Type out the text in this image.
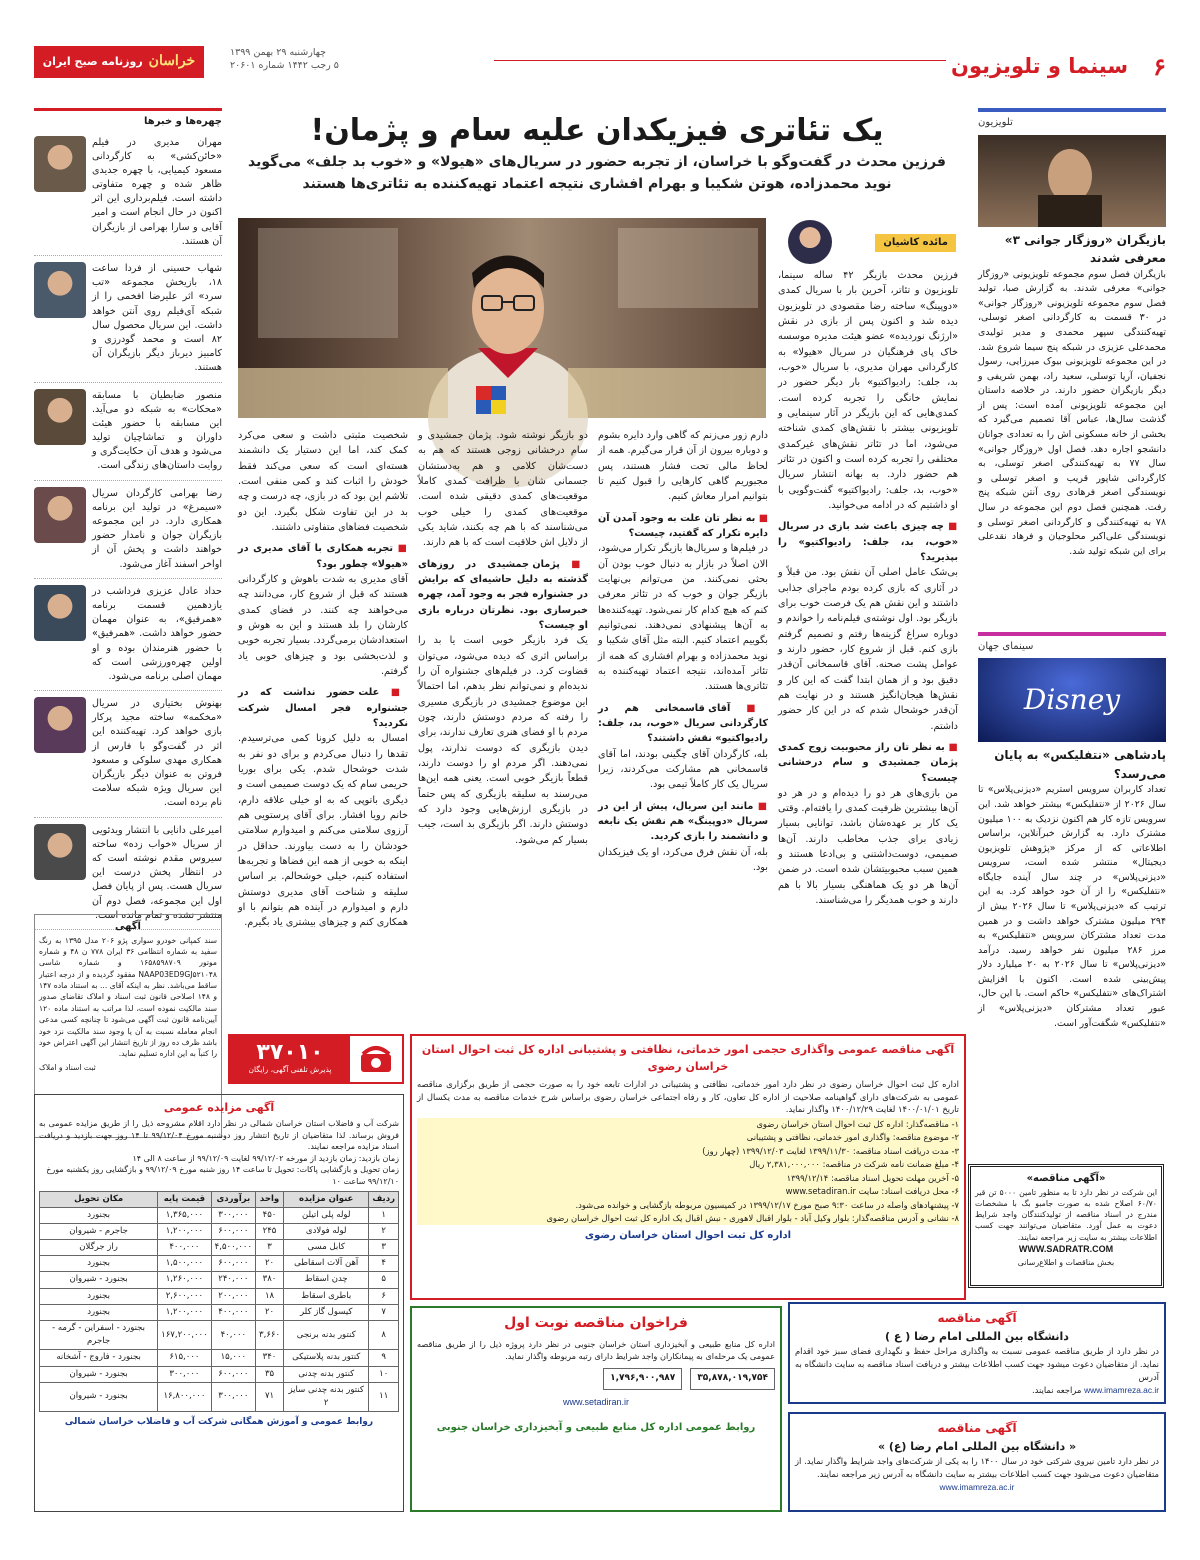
۶
سینما و تلویزیون
چهارشنبه ۲۹ بهمن ۱۳۹۹
۵ رجب ۱۴۴۲ شماره ۲۰۶۰۱
خراسان
روزنامه صبح ایران
چهره‌ها و خبرها
مهران مدیری در فیلم «خائن‌کشی» به کارگردانی مسعود کیمیایی، با چهره جدیدی ظاهر شده و چهره متفاوتی داشته است. فیلم‌برداری این اثر اکنون در حال انجام است و امیر آقایی و سارا بهرامی از بازیگران آن هستند.
شهاب حسینی از فردا ساعت ۱۸، بازیخش مجموعه «تب سرد» اثر علیرضا افخمی را از شبکه آی‌فیلم روی آنتن خواهد داشت. این سریال محصول سال ۸۲ است و محمد گودرزی و کامبیز دیرباز دیگر بازیگران آن هستند.
منصور ضابطیان با مسابقه «محکات» به شبکه دو می‌آید. این مسابقه با حضور هیئت داوران و تماشاچیان تولید می‌شود و هدف آن حکایت‌گری و روایت داستان‌های زندگی است.
رضا بهرامی کارگردان سریال «سیمرغ» در تولید این برنامه همکاری دارد. در این مجموعه بازیگران جوان و نامدار حضور خواهند داشت و پخش آن از اواخر اسفند آغاز می‌شود.
حداد عادل عزیزی فرداشب در یازدهمین قسمت برنامه «همرفیق»، به عنوان مهمان حضور خواهد داشت. «همرفیق» با حضور هنرمندان بوده و او اولین چهره‌ورزشی است که مهمان اصلی برنامه می‌شود.
بهنوش بختیاری در سریال «مخکمه» ساخته مجید پرکار بازی خواهد کرد. تهیه‌کننده این اثر در گفت‌وگو با فارس از همکاری مهدی سلوکی و مسعود فروتن به عنوان دیگر بازیگران این سریال ویژه شبکه سلامت نام برده است.
امیرعلی دانایی با انتشار ویدئویی از سریال «خواب زده» ساخته سیروس مقدم نوشته است که در انتظار پخش درست این سریال هست. پس از پایان فصل اول این مجموعه، فصل دوم آن منتشر نشده و تمام مانده است.
آگهی
سند کمپانی خودرو سواری پژو ۲۰۶ مدل ۱۳۹۵ به رنگ سفید به شماره انتظامی ۳۶ ایران ۷۷۸ ن ۴۸ و شماره موتور ۱۶۵۸۵۹۸۷۰۹ و شماره شاسی NAAP03ED9GJ۵۲۱۰۴۸ مفقود گردیده و از درجه اعتبار ساقط می‌باشد. نظر به اینکه آقای ... به استناد ماده ۱۴۷ و ۱۴۸ اصلاحی قانون ثبت اسناد و املاک تقاضای صدور سند مالکیت نموده است، لذا مراتب به استناد ماده ۱۲۰ آیین‌نامه قانون ثبت آگهی می‌شود تا چنانچه کسی مدعی انجام معامله نسبت به آن یا وجود سند مالکیت نزد خود باشد ظرف ده روز از تاریخ انتشار این آگهی اعتراض خود را کتباً به این اداره تسلیم نماید.
ثبت اسناد و املاک
یک تئاتری فیزیکدان علیه سام و پژمان!
فرزین محدث در گفت‌وگو با خراسان، از تجربه حضور در سریال‌های «هیولا» و «خوب بد جلف» می‌گوید
نوید محمدزاده، هوتن شکیبا و بهرام افشاری نتیجه اعتماد تهیه‌کننده به تئاتری‌ها هستند
مائده کاشیان

فرزین محدث بازیگر ۴۲ ساله سینما، تلویزیون و تئاتر، آخرین بار با سریال کمدی «دوپینگ» ساخته رضا مقصودی در تلویزیون دیده شد و اکنون پس از بازی در نقش «ارژنگ نوردیده» عضو هیئت مدیره موسسه خاک پای فرهنگیان در سریال «هیولا» به کارگردانی مهران مدیری، با سریال «خوب، بد، جلف: رادیواکتیو» بار دیگر حضور در نمایش خانگی را تجربه کرده است. کمدی‌هایی که این بازیگر در آثار سینمایی و تلویزیونی بیشتر با نقش‌های کمدی شناخته می‌شود، اما در تئاتر نقش‌های غیرکمدی مختلفی را تجربه کرده است و اکنون در تئاتر هم حضور دارد. به بهانه انتشار سریال «خوب، بد، جلف: رادیواکتیو» گفت‌وگویی با او داشتیم که در ادامه می‌خوانید.

■ چه چیزی باعث شد بازی در سریال «خوب، بد، جلف: رادیواکتیو» را بپذیرید؟

بی‌شک عامل اصلی آن نقش بود. من قبلاً و در آثاری که بازی کرده بودم ماجرای جذابی داشتند و این نقش هم یک فرصت خوب برای بازیگر بود. اول نوشته‌ی فیلم‌نامه را خواندم و دوباره سراغ گزینه‌ها رفتم و تصمیم گرفتم بازی کنم. قبل از شروع کار، حضور دارند و عوامل پشت صحنه. آقای قاسمخانی آن‌قدر دقیق بود و از همان ابتدا گفت که این کار و نقش‌ها هیجان‌انگیز هستند و در نهایت هم آن‌قدر خوشحال شدم که در این کار حضور داشتم.

■ به نظر تان راز محبوبیت زوج کمدی پژمان جمشیدی و سام درخشانی چیست؟

من بازی‌های هر دو را دیده‌ام و در هر دو آن‌ها بیشترین ظرفیت کمدی را یافته‌ام. وقتی یک کار بر عهده‌شان باشد، توانایی بسیار زیادی برای جذب مخاطب دارند. آن‌ها صمیمی، دوست‌داشتنی و بی‌ادعا هستند و همین سبب محبوبیتشان شده است. در ضمن آن‌ها هر دو یک هماهنگی بسیار بالا با هم دارند و خوب همدیگر را می‌شناسند.

دارم زور می‌زنم که گاهی وارد دایره بشوم و دوباره بیرون از آن قرار می‌گیرم. همه از لحاظ مالی تحت فشار هستند، پس مجبوریم گاهی کارهایی را قبول کنیم تا بتوانیم امرار معاش کنیم.

■ به نظر تان علت به وجود آمدن آن دایره تکرار که گفتید، چیست؟

در فیلم‌ها و سریال‌ها بازیگر تکرار می‌شود، الان اصلاً در بازار به دنبال خوب بودن آن بحثی نمی‌کنند. من می‌توانم بی‌نهایت بازیگر جوان و خوب که در تئاتر معرفی کنم که هیچ کدام کار نمی‌شود. تهیه‌کننده‌ها به آن‌ها پیشنهادی نمی‌دهند. نمی‌توانیم بگوییم اعتماد کنیم. البته مثل آقای شکیبا و نوید محمدزاده و بهرام افشاری که همه از تئاتر آمده‌اند، نتیجه اعتماد تهیه‌کننده به تئاتری‌ها هستند.

■ آقای قاسمخانی هم در کارگردانی سریال «خوب، بد، جلف: رادیواکتیو» نقش داشتند؟

بله، کارگردان آقای چگینی بودند، اما آقای قاسمخانی هم مشارکت می‌کردند، زیرا سریال یک کار کاملاً تیمی بود.

■ مانند این سریال، پیش از این در سریال «دوپینگ» هم نقش یک نابغه و دانشمند را بازی کردید.

بله، آن نقش فرق می‌کرد، او یک فیزیکدان بود.

دو بازیگر نوشته شود. پژمان جمشیدی و سام درخشانی زوجی هستند که هم به دست‌شان کلامی و هم به‌دستشان جسمانی شان با ظرافت کمدی کاملاً موقعیت‌های کمدی دقیقی شده است. موقعیت‌های کمدی را خیلی خوب می‌شناسند که با هم چه بکنند، شاید یکی از دلایل اش خلاقیت است که با هم دارند.

■ پژمان جمشیدی در روزهای گذشته به دلیل حاشیه‌ای که برایش در جشنواره فجر به وجود آمد، چهره خبرسازی بود. نظرتان درباره بازی او چیست؟

یک فرد بازیگر خوبی است یا بد را براساس اثری که دیده می‌شود، می‌توان قضاوت کرد. در فیلم‌های جشنواره آن را ندیده‌ام و نمی‌توانم نظر بدهم، اما احتمالاً این موضوع جمشیدی در بازیگری مسیری را رفته که مردم دوستش دارند، چون مردم با او فضای هنری تعارف ندارند، برای دیدن بازیگری که دوست ندارند، پول نمی‌دهند. اگر مردم او را دوست دارند، قطعاً بازیگر خوبی است. یعنی همه این‌ها می‌رسند به سلیقه بازیگری که پس حتماً در بازیگری ارزش‌هایی وجود دارد که دوستش دارند. اگر بازیگری بد است، جیب بسیار کم می‌شود.

شخصیت مثبتی داشت و سعی می‌کرد کمک کند، اما این دستیار یک دانشمند هسته‌ای است که سعی می‌کند فقط خودش را اثبات کند و کمی منفی است. تلاشم این بود که در بازی، چه درست و چه بد در این تفاوت شکل بگیرد. این دو شخصیت فضاهای متفاوتی داشتند.

■ تجربه همکاری با آقای مدیری در «هیولا» چطور بود؟

آقای مدیری به شدت باهوش و کارگردانی هستند که قبل از شروع کار، می‌دانند چه می‌خواهند چه کنند. در فضای کمدی کارشان را بلد هستند و این به هوش و استعدادشان برمی‌گردد. بسیار تجربه خوبی و لذت‌بخشی بود و چیزهای خوبی یاد گرفتم.

■ علت حضور نداشت که در جشنواره فجر امسال شرکت نکردید؟

امسال به دلیل کرونا کمی می‌ترسیدم. تقدها را دنبال می‌کردم و برای دو نفر به شدت خوشحال شدم. یکی برای بوریا حریمی سام که یک دوست صمیمی است و دیگری باتوپی که به او خیلی علاقه دارم، خانم رویا افشار. برای آقای پرستویی هم آرزوی سلامتی می‌کنم و امیدوارم سلامتی خودشان را به دست بیاورند. حداقل در اینکه به خوبی از همه این فضاها و تجربه‌ها استفاده کنیم، خیلی خوشحالم. بر اساس سلیقه و شناخت آقای مدیری دوستش دارم و امیدوارم در آینده هم بتوانم با او همکاری کنم و چیزهای بیشتری یاد بگیرم.

تلویزیون
بازیگران «روزگار جوانی ۳» معرفی شدند
بازیگران فصل سوم مجموعه تلویزیونی «روزگار جوانی» معرفی شدند. به گزارش صبا، تولید فصل سوم مجموعه تلویزیونی «روزگار جوانی» در ۳۰ قسمت به کارگردانی اصغر توسلی، تهیه‌کنندگی سپهر محمدی و مدیر تولیدی محمدعلی عزیزی در شبکه پنج سیما شروع شد. در این مجموعه تلویزیونی بیوک میرزایی، رسول نجفیان، آریا توسلی، سعید راد، بهمن شریفی و دیگر بازیگران حضور دارند. در خلاصه داستان این مجموعه تلویزیونی آمده است: پس از گذشت سال‌ها، عباس آقا تصمیم می‌گیرد که بخشی از خانه مسکونی اش را به تعدادی جوانان دانشجو اجاره دهد. فصل اول «روزگار جوانی» سال ۷۷ به تهیه‌کنندگی اصغر توسلی، به کارگردانی شاپور قریب و اصغر توسلی و نویسندگی اصغر فرهادی روی آنتن شبکه پنج رفت. همچنین فصل دوم این مجموعه در سال ۷۸ به تهیه‌کنندگی و کارگردانی اصغر توسلی و نویسندگی علی‌اکبر محلوجیان و فرهاد نقدعلی برای این شبکه تولید شد.
سینمای جهان
Disney
پادشاهی «نتفلیکس» به پایان می‌رسد؟
تعداد کاربران سرویس استریم «دیزنی‌پلاس» تا سال ۲۰۲۶ از «نتفلیکس» بیشتر خواهد شد. این سرویس تازه کار هم اکنون نزدیک به ۱۰۰ میلیون مشترک دارد. به گزارش خبرآنلاین، براساس اطلاعاتی که از مرکز «پژوهش تلویزیون دیجیتال» منتشر شده است، سرویس «دیزنی‌پلاس» در چند سال آینده جایگاه «نتفلیکس» را از آن خود خواهد کرد. به این ترتیب که «دیزنی‌پلاس» تا سال ۲۰۲۶ بیش از ۲۹۴ میلیون مشترک خواهد داشت و در همین مدت تعداد مشترکان سرویس «نتفلیکس» به مرز ۲۸۶ میلیون نفر خواهد رسید. درآمد «دیزنی‌پلاس» تا سال ۲۰۲۶ به ۲۰ میلیارد دلار پیش‌بینی شده است. اکنون با افزایش اشتراک‌های «نتفلیکس» حاکم است. با این حال، عبور تعداد مشترکان «دیزنی‌پلاس» از «نتفلیکس» شگفت‌آور است.
«آگهی مناقصه»
این شرکت در نظر دارد تا به منظور تامین ۵۰۰۰ تن قیر ۶۰/۷۰ اصلاح شده به صورت جامبو بگ با مشخصات مندرج در اسناد مناقصه از تولیدکنندگان واجد شرایط دعوت به عمل آورد. متقاضیان می‌توانند جهت کسب اطلاعات بیشتر به سایت زیر مراجعه نمایند.
WWW.SADRATR.COM
بخش مناقصات و اطلاع‌رسانی
۳۷۰۱۰
پذیرش تلفنی آگهی، رایگان
آگهی مزایده عمومی
شرکت آب و فاضلاب استان خراسان شمالی در نظر دارد اقلام مشروحه ذیل را از طریق مزایده عمومی به فروش برساند. لذا متقاضیان از تاریخ انتشار روز دوشنبه مورخ ۹۹/۱۲/۰۴ تا ۱۴ روز جهت بازدید و دریافت اسناد مزایده مراجعه نمایند.
زمان بازدید: زمان بازدید از مورخه ۹۹/۱۲/۰۲ لغایت ۹۹/۱۲/۰۹ از ساعت ۸ الی ۱۴
زمان تحویل و بازگشایی پاکات: تحویل تا ساعت ۱۴ روز شنبه مورخ ۹۹/۱۲/۰۹ و بازگشایی روز یکشنبه مورخ ۹۹/۱۲/۱۰ ساعت ۱۰
ردیف	عنوان مزایده	واحد	برآوردی	قیمت پایه	مکان تحویل
۱	لوله پلی اتیلن	۴۵۰	۳۰۰,۰۰۰	۱,۳۶۵,۰۰۰	بجنورد
۲	لوله فولادی	۲۴۵	۶۰۰,۰۰۰	۱,۲۰۰,۰۰۰	جاجرم - شیروان
۳	کابل مسی	۳	۴,۵۰۰,۰۰۰	۴۰۰,۰۰۰	راز جرگلان
۴	آهن آلات اسقاطی	۲۰	۶۰۰,۰۰۰	۱,۵۰۰,۰۰۰	بجنورد
۵	چدن اسقاط	۳۸۰	۲۴۰,۰۰۰	۱,۲۶۰,۰۰۰	بجنورد - شیروان
۶	باطری اسقاط	۱۸	۲۰۰,۰۰۰	۲,۶۰۰,۰۰۰	بجنورد
۷	کیسول گاز کلر	۲۰	۴۰۰,۰۰۰	۱,۲۰۰,۰۰۰	بجنورد
۸	کنتور بدنه برنجی	۳,۶۶۰	۴۰,۰۰۰	۱۶۷,۲۰۰,۰۰۰	بجنورد - اسفراین - گرمه - جاجرم
۹	کنتور بدنه پلاستیکی	۳۴۰	۱۵,۰۰۰	۶۱۵,۰۰۰	بجنورد - فاروج - آشخانه
۱۰	کنتور بدنه چدنی	۳۵	۶۰۰,۰۰۰	۳۰۰,۰۰۰	بجنورد - شیروان
۱۱	کنتور بدنه چدنی سایز ۲	۷۱	۳۰۰,۰۰۰	۱۶,۸۰۰,۰۰۰	بجنورد - شیروان
روابط عمومی و آموزش همگانی شرکت آب و فاضلاب خراسان شمالی
آگهی مناقصه عمومی واگذاری حجمی امور خدماتی، نظافتی و پشتیبانی اداره کل ثبت احوال استان خراسان رضوی
اداره کل ثبت احوال خراسان رضوی در نظر دارد امور خدماتی، نظافتی و پشتیبانی در ادارات تابعه خود را به صورت حجمی از طریق برگزاری مناقصه عمومی به شرکت‌های دارای گواهینامه صلاحیت از اداره کل تعاون، کار و رفاه اجتماعی خراسان رضوی براساس شرح خدمات مناقصه به مدت یکسال از تاریخ ۱۴۰۰/۰۱/۰۱ لغایت ۱۴۰۰/۱۲/۲۹ واگذار نماید.
۱- مناقصه‌گذار: اداره کل ثبت احوال استان خراسان رضوی
۲- موضوع مناقصه: واگذاری امور خدماتی، نظافتی و پشتیبانی
۳- مدت دریافت اسناد مناقصه: ۱۳۹۹/۱۱/۳۰ لغایت ۱۳۹۹/۱۲/۰۳ (چهار روز)
۴- مبلغ ضمانت نامه شرکت در مناقصه: ۲,۳۸۱,۰۰۰,۰۰۰ ریال
۵- آخرین مهلت تحویل اسناد مناقصه: ۱۳۹۹/۱۲/۱۴
۶- محل دریافت اسناد: سایت www.setadiran.ir
۷- پیشنهادهای واصله در ساعت ۹:۳۰ صبح مورخ ۱۳۹۹/۱۲/۱۷ در کمیسیون مربوطه بازگشایی و خوانده می‌شود.
۸- نشانی و آدرس مناقصه‌گذار: بلوار وکیل آباد - بلوار اقبال لاهوری - نبش اقبال یک اداره کل ثبت احوال خراسان رضوی
اداره کل ثبت احوال استان خراسان رضوی
آگهی مناقصه
دانشگاه بین المللی امام رضا ( ع )
در نظر دارد از طریق مناقصه عمومی نسبت به واگذاری مراحل حفظ و نگهداری فضای سبز خود اقدام نماید. از متقاضیان دعوت میشود جهت کسب اطلاعات بیشتر و دریافت اسناد مناقصه به سایت دانشگاه به آدرس
www.imamreza.ac.ir مراجعه نمایند.
آگهی مناقصه
« دانشگاه بین المللی امام رضا (ع) »
در نظر دارد تامین نیروی شرکتی خود در سال ۱۴۰۰ را به یکی از شرکت‌های واجد شرایط واگذار نماید. از متقاضیان دعوت می‌شود جهت کسب اطلاعات بیشتر به سایت دانشگاه به آدرس زیر مراجعه نمایند.
www.imamreza.ac.ir
فراخوان مناقصه نوبت اول
اداره کل منابع طبیعی و آبخیزداری استان خراسان جنوبی در نظر دارد پروژه ذیل را از طریق مناقصه عمومی یک مرحله‌ای به پیمانکاران واجد شرایط دارای رتبه مربوطه واگذار نماید.
۳۵,۸۷۸,۰۱۹,۷۵۴
۱,۷۹۶,۹۰۰,۹۸۷
www.setadiran.ir
روابط عمومی اداره کل منابع طبیعی و آبخیزداری خراسان جنوبی
